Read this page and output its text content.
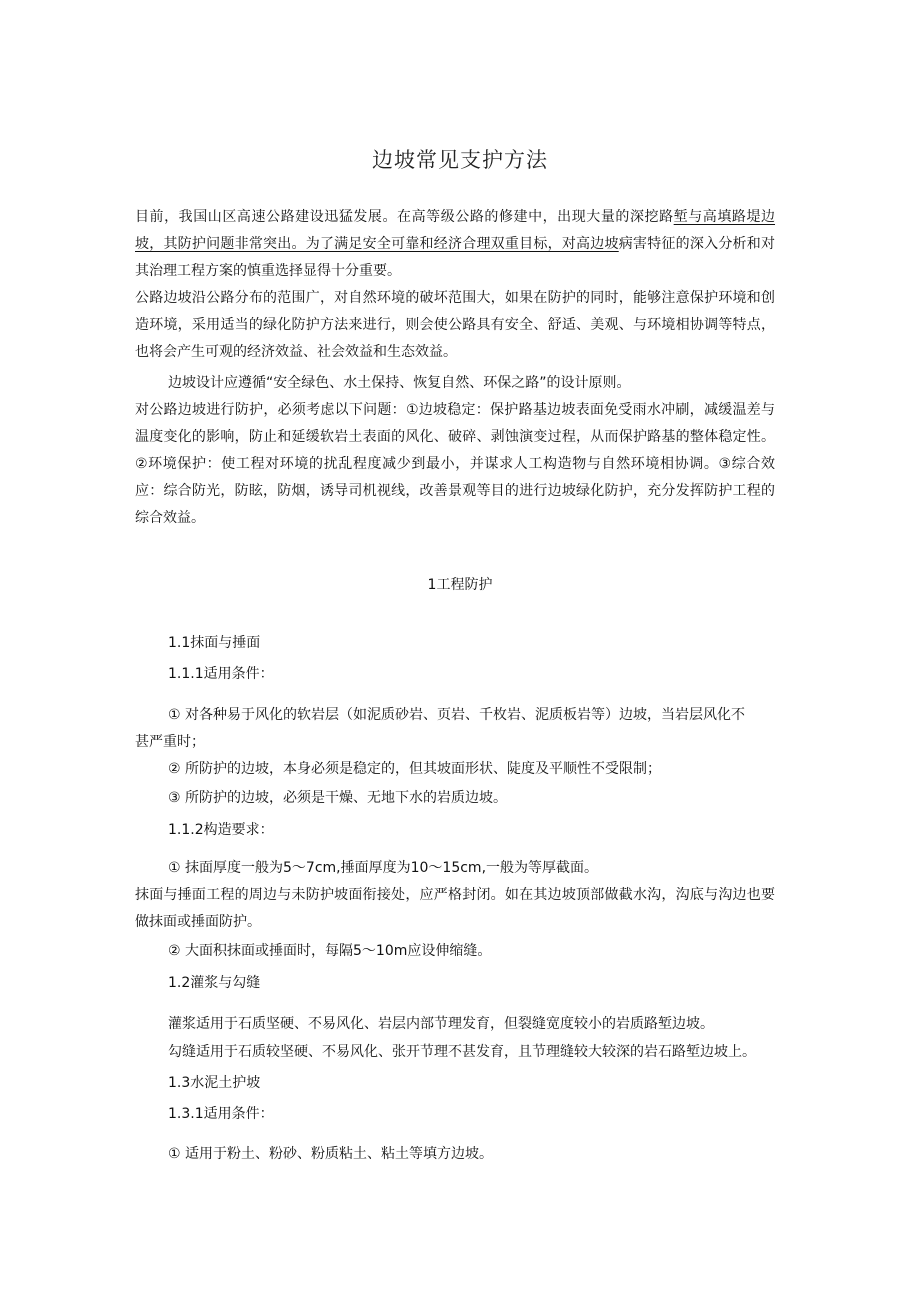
边坡常见支护方法

目前，我国山区高速公路建设迅猛发展。在高等级公路的修建中，出现大量的深挖路堑与高填路堤边坡，其防护问题非常突出。为了满足安全可靠和经济合理双重目标，对高边坡病害特征的深入分析和对其治理工程方案的慎重选择显得十分重要。

公路边坡沿公路分布的范围广，对自然环境的破坏范围大，如果在防护的同时，能够注意保护环境和创造环境，采用适当的绿化防护方法来进行，则会使公路具有安全、舒适、美观、与环境相协调等特点，也将会产生可观的经济效益、社会效益和生态效益。

边坡设计应遵循“安全绿色、水土保持、恢复自然、环保之路”的设计原则。

对公路边坡进行防护，必须考虑以下问题：①边坡稳定：保护路基边坡表面免受雨水冲刷，减缓温差与温度变化的影响，防止和延缓软岩土表面的风化、破碎、剥蚀演变过程，从而保护路基的整体稳定性。②环境保护：使工程对环境的扰乱程度减少到最小，并谋求人工构造物与自然环境相协调。③综合效应：综合防光，防眩，防烟，诱导司机视线，改善景观等目的进行边坡绿化防护，充分发挥防护工程的综合效益。

1工程防护

1.1抹面与捶面

1.1.1适用条件：

① 对各种易于风化的软岩层（如泥质砂岩、页岩、千枚岩、泥质板岩等）边坡，当岩层风化不

甚严重时；

② 所防护的边坡，本身必须是稳定的，但其坡面形状、陡度及平顺性不受限制；

③ 所防护的边坡，必须是干燥、无地下水的岩质边坡。

1.1.2构造要求：

① 抹面厚度一般为5〜7cm,捶面厚度为10〜15cm,一般为等厚截面。

抹面与捶面工程的周边与未防护坡面衔接处，应严格封闭。如在其边坡顶部做截水沟，沟底与沟边也要做抹面或捶面防护。

② 大面积抹面或捶面时，每隔5〜10m应设伸缩缝。

1.2灌浆与勾缝

灌浆适用于石质坚硬、不易风化、岩层内部节理发育，但裂缝宽度较小的岩质路堑边坡。

勾缝适用于石质较坚硬、不易风化、张开节理不甚发育，且节理缝较大较深的岩石路堑边坡上。

1.3水泥土护坡

1.3.1适用条件：

① 适用于粉土、粉砂、粉质粘土、粘土等填方边坡。
